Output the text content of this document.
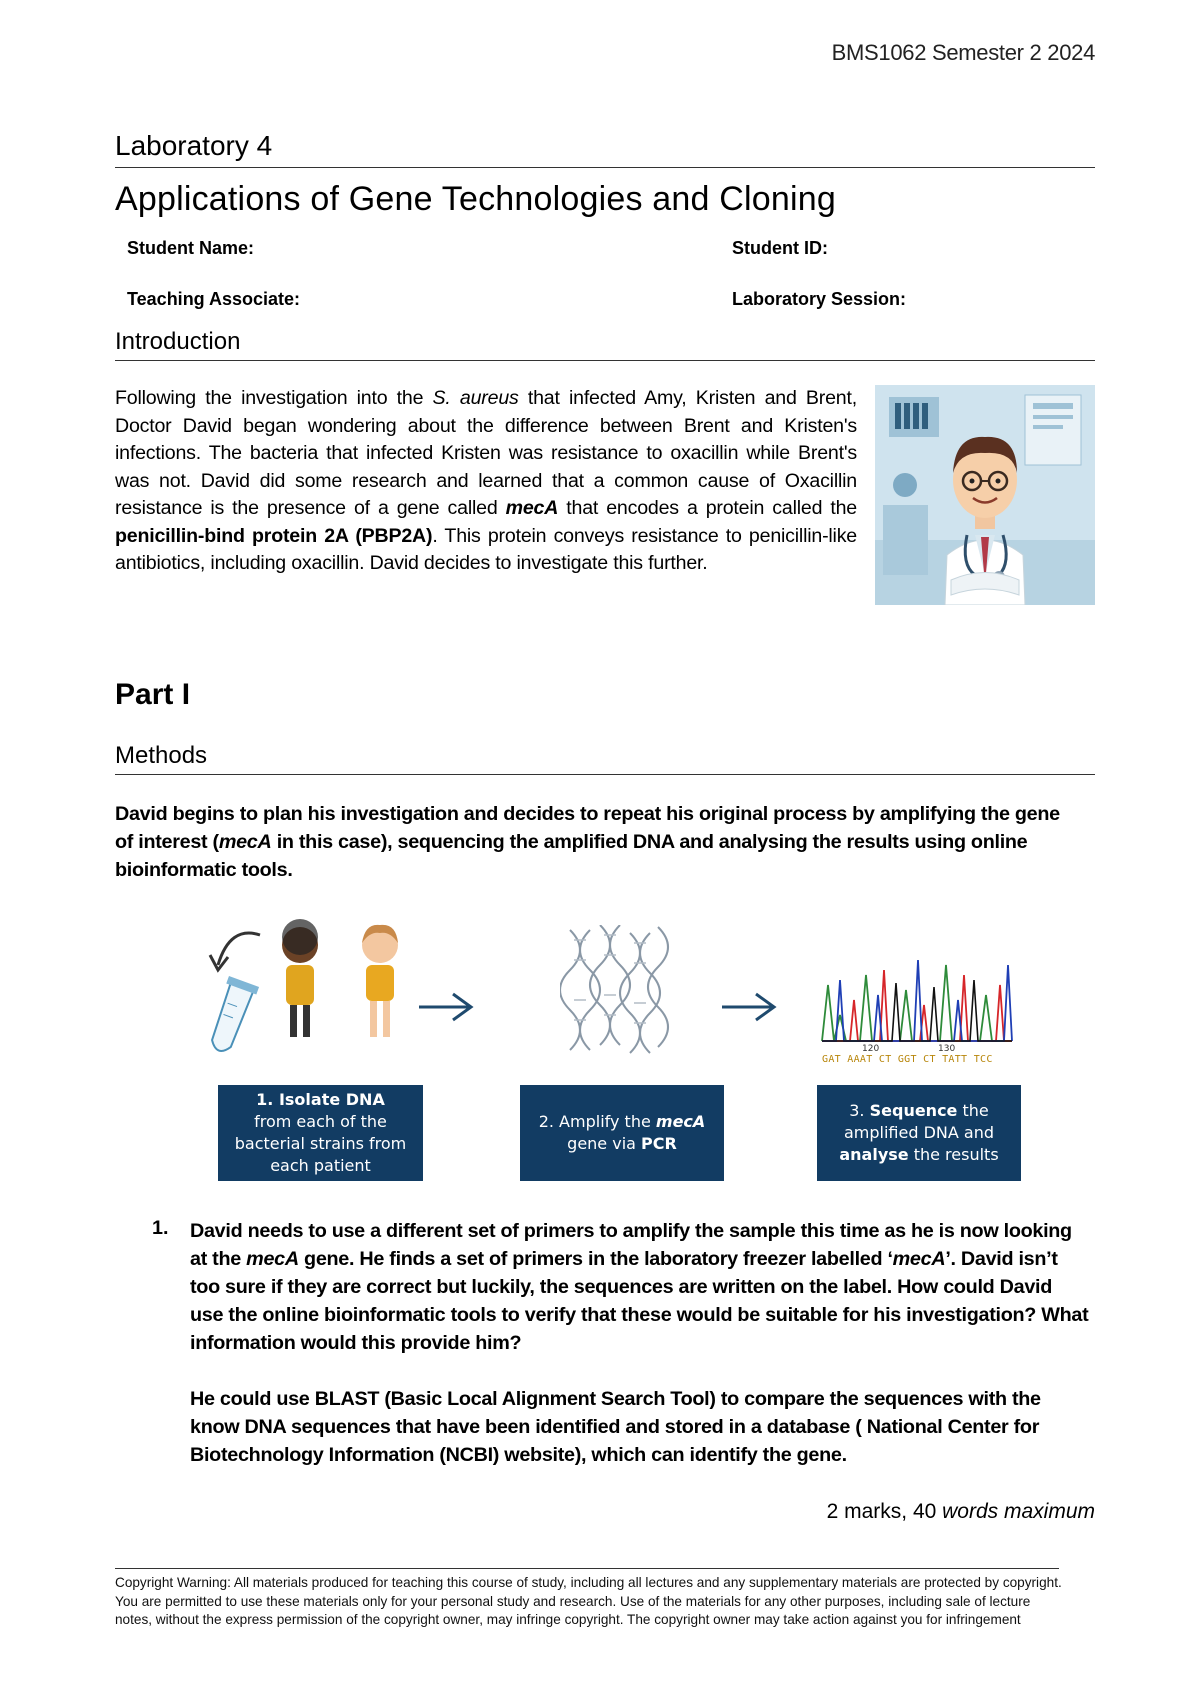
BMS1062 Semester 2 2024
Laboratory 4
Applications of Gene Technologies and Cloning
Student Name:	Student ID:
Teaching Associate:	Laboratory Session:
Introduction
Following the investigation into the S. aureus that infected Amy, Kristen and Brent, Doctor David began wondering about the difference between Brent and Kristen's infections. The bacteria that infected Kristen was resistance to oxacillin while Brent's was not. David did some research and learned that a common cause of Oxacillin resistance is the presence of a gene called mecA that encodes a protein called the penicillin-bind protein 2A (PBP2A). This protein conveys resistance to penicillin-like antibiotics, including oxacillin. David decides to investigate this further.
Part I
Methods
David begins to plan his investigation and decides to repeat his original process by amplifying the gene of interest (mecA in this case), sequencing the amplified DNA and analysing the results using online bioinformatic tools.
120	130
GAT AAAT CT GGT CT TATT TCC
1. Isolate DNA
from each of the bacterial strains from each patient
2. Amplify the mecA
gene via PCR
3. Sequence the amplified DNA and analyse the results
1. David needs to use a different set of primers to amplify the sample this time as he is now looking at the mecA gene. He finds a set of primers in the laboratory freezer labelled ‘mecA’. David isn’t too sure if they are correct but luckily, the sequences are written on the label. How could David use the online bioinformatic tools to verify that these would be suitable for his investigation? What information would this provide him?
He could use BLAST (Basic Local Alignment Search Tool) to compare the sequences with the know DNA sequences that have been identified and stored in a database ( National Center for Biotechnology Information (NCBI) website), which can identify the gene.
2 marks, 40 words maximum
Copyright Warning: All materials produced for teaching this course of study, including all lectures and any supplementary materials are protected by copyright. You are permitted to use these materials only for your personal study and research. Use of the materials for any other purposes, including sale of lecture notes, without the express permission of the copyright owner, may infringe copyright. The copyright owner may take action against you for infringement
